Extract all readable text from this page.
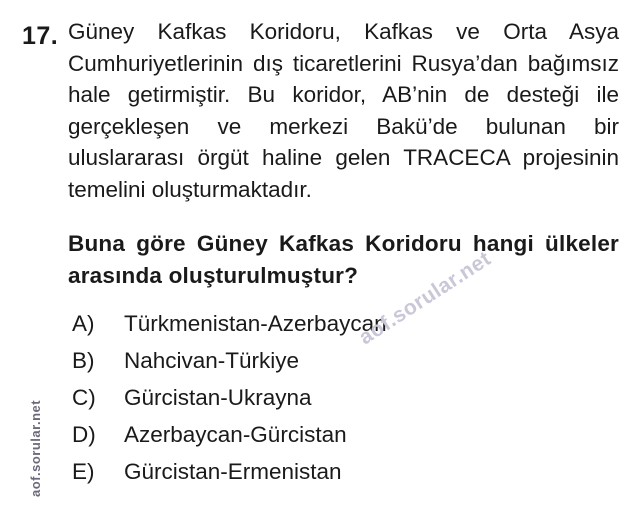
17. Güney Kafkas Koridoru, Kafkas ve Orta Asya Cumhuriyetlerinin dış ticaretlerini Rusya’dan bağımsız hale getirmiştir. Bu koridor, AB’nin de desteği ile gerçekleşen ve merkezi Bakü’de bulunan bir uluslararası örgüt haline gelen TRACECA projesinin temelini oluşturmaktadır.

Buna göre Güney Kafkas Koridoru hangi ülkeler arasında oluşturulmuştur?

A)	Türkmenistan-Azerbaycan
B)	Nahcivan-Türkiye
C)	Gürcistan-Ukrayna
D)	Azerbaycan-Gürcistan
E)	Gürcistan-Ermenistan
aof.sorular.net
aof.sorular.net
